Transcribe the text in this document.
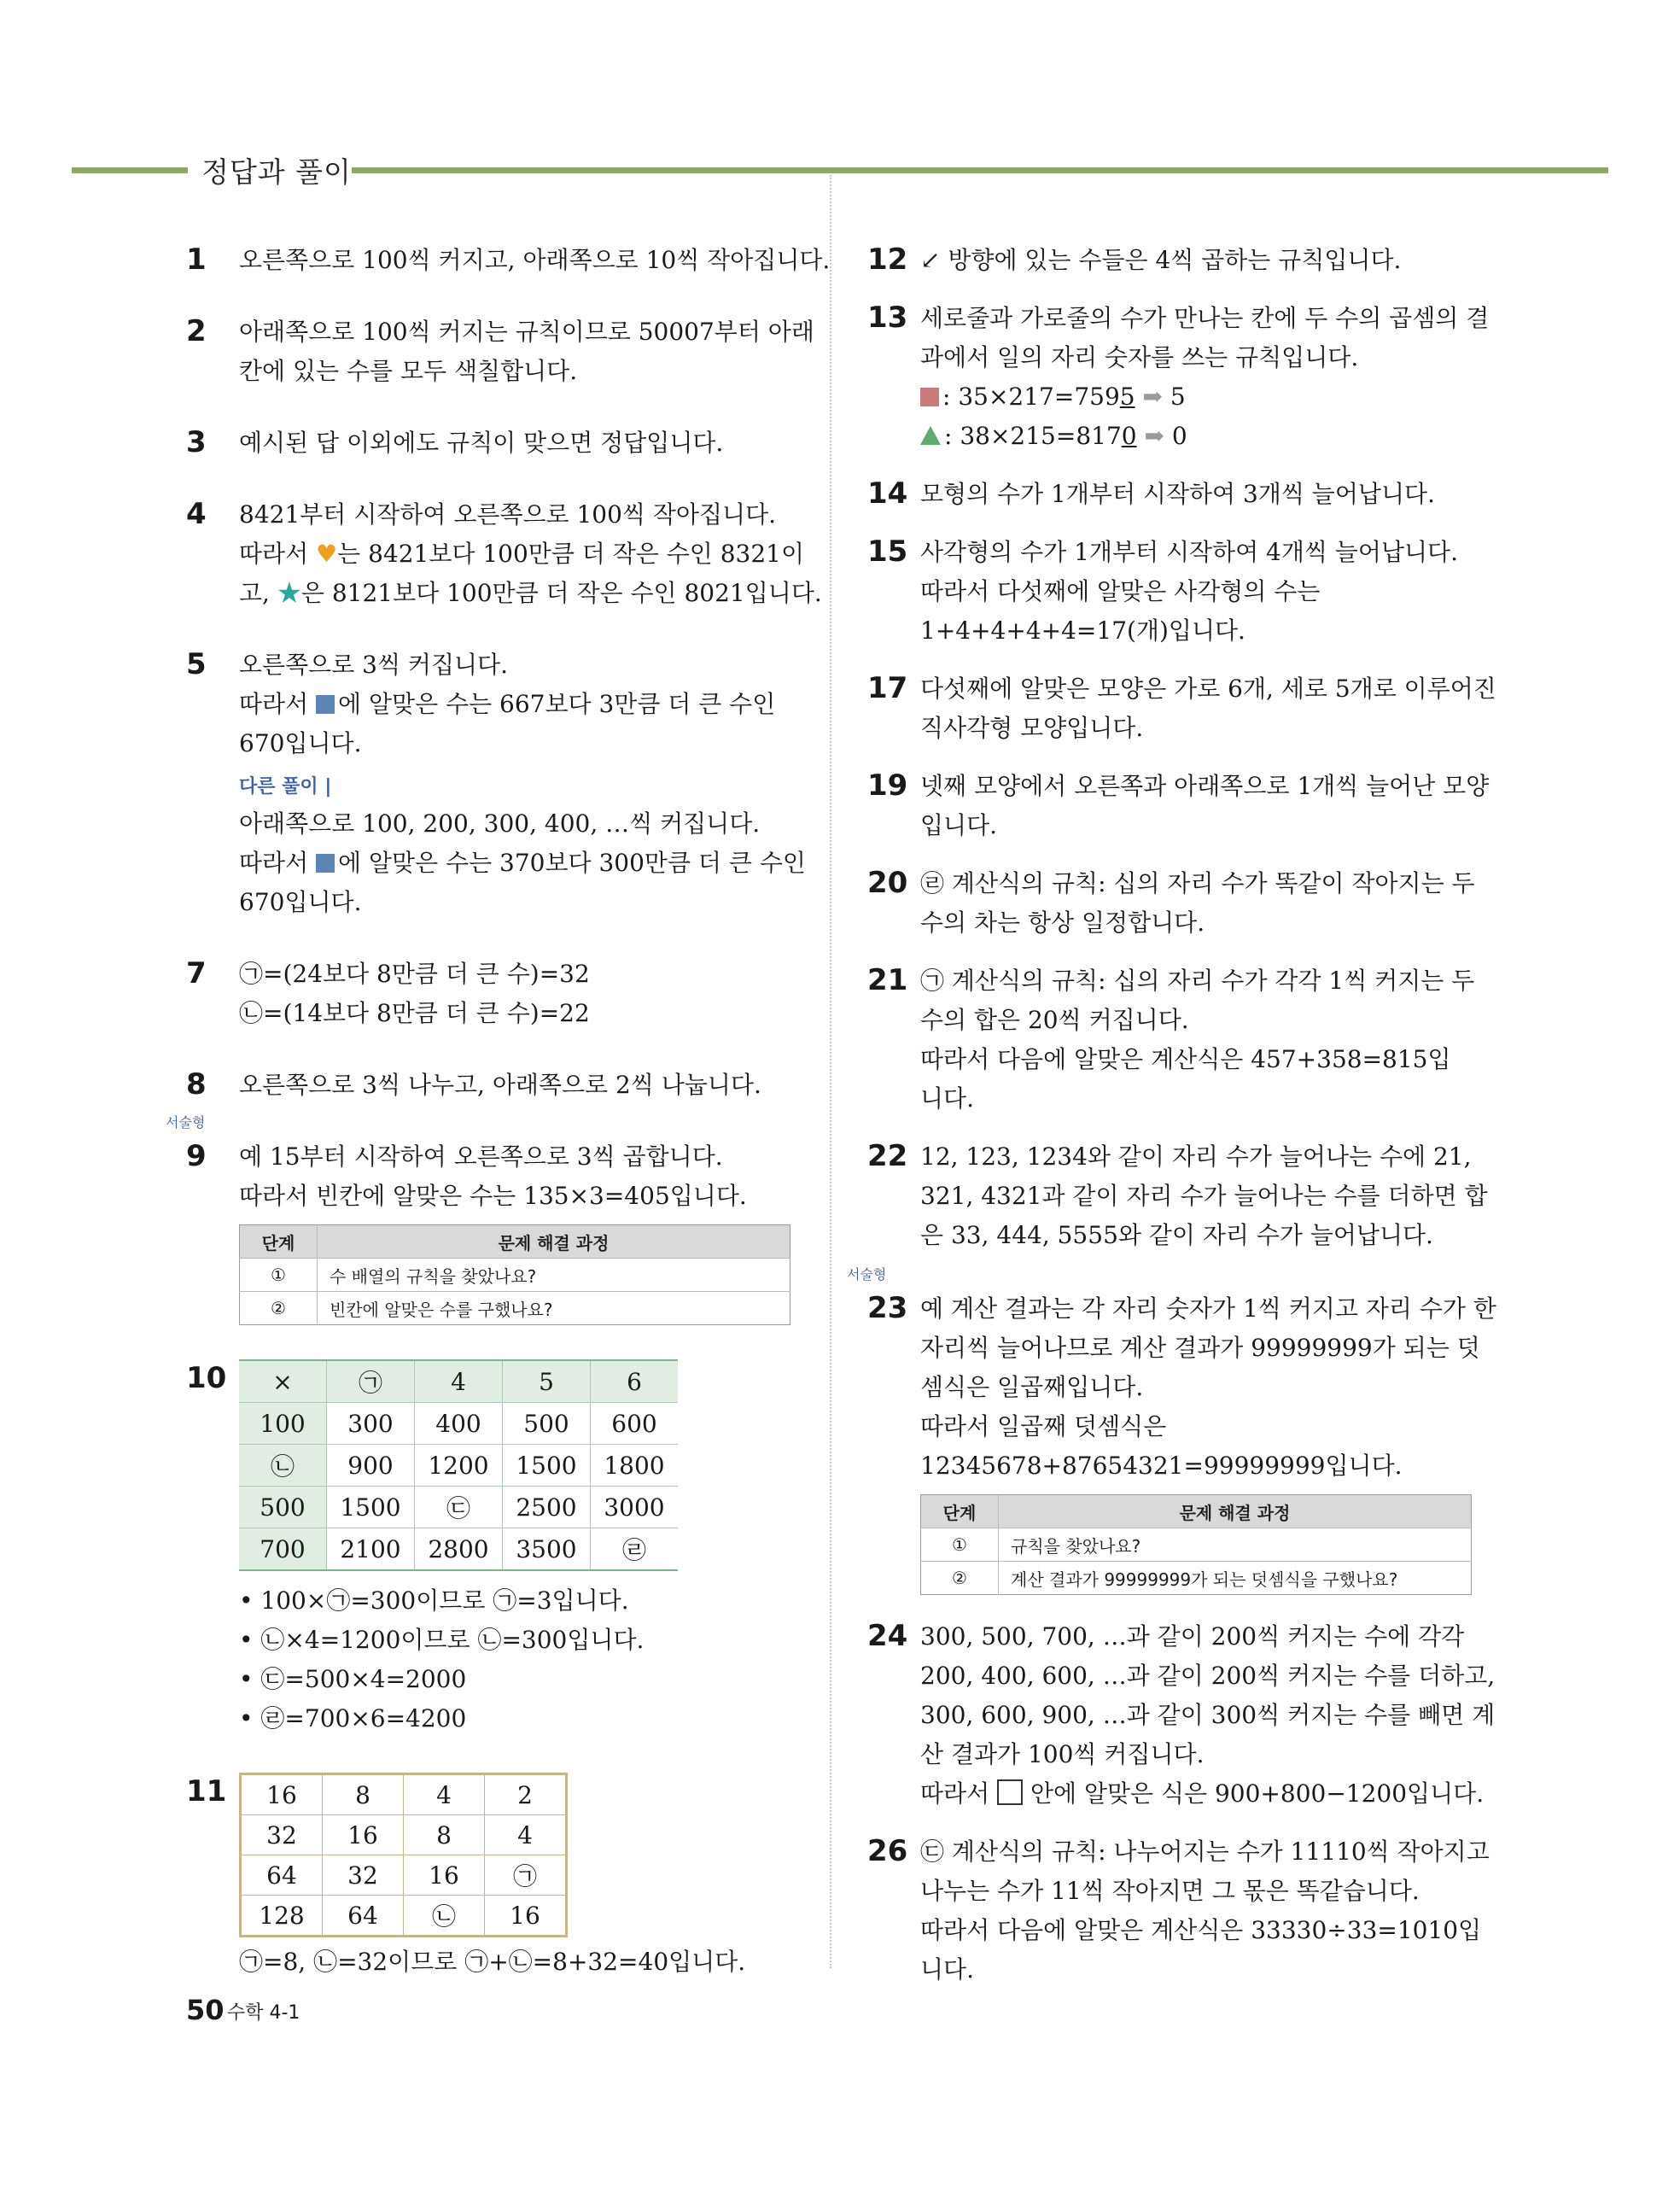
정답과 풀이
1 오른쪽으로 100씩 커지고, 아래쪽으로 10씩 작아집니다.
2 아래쪽으로 100씩 커지는 규칙이므로 50007부터 아래
칸에 있는 수를 모두 색칠합니다.
3 예시된 답 이외에도 규칙이 맞으면 정답입니다.
4 8421부터 시작하여 오른쪽으로 100씩 작아집니다.
따라서 ♥는 8421보다 100만큼 더 작은 수인 8321이
고, ★은 8121보다 100만큼 더 작은 수인 8021입니다.
5 오른쪽으로 3씩 커집니다.
따라서 에 알맞은 수는 667보다 3만큼 더 큰 수인
670입니다.
다른 풀이 |
아래쪽으로 100, 200, 300, 400, …씩 커집니다.
따라서 에 알맞은 수는 370보다 300만큼 더 큰 수인
670입니다.
7 ㉠=(24보다 8만큼 더 큰 수)=32
㉡=(14보다 8만큼 더 큰 수)=22
8 오른쪽으로 3씩 나누고, 아래쪽으로 2씩 나눕니다.
서술형
9 예 15부터 시작하여 오른쪽으로 3씩 곱합니다.
따라서 빈칸에 알맞은 수는 135×3=405입니다.
단계	문제 해결 과정
①	수 배열의 규칙을 찾았나요?
②	빈칸에 알맞은 수를 구했나요?
10 ×	㉠	4	5	6
100	300	400	500	600
㉡	900	1200	1500	1800
500	1500	㉢	2500	3000
700	2100	2800	3500	㉣
• 100×㉠=300이므로 ㉠=3입니다.
• ㉡×4=1200이므로 ㉡=300입니다.
• ㉢=500×4=2000
• ㉣=700×6=4200
11 16	8	4	2
32	16	8	4
64	32	16	㉠
128	64	㉡	16
㉠=8, ㉡=32이므로 ㉠+㉡=8+32=40입니다.
12 ↙ 방향에 있는 수들은 4씩 곱하는 규칙입니다.
13 세로줄과 가로줄의 수가 만나는 칸에 두 수의 곱셈의 결
과에서 일의 자리 숫자를 쓰는 규칙입니다.
: 35×217=7595 ➡ 5
: 38×215=8170 ➡ 0
14 모형의 수가 1개부터 시작하여 3개씩 늘어납니다.
15 사각형의 수가 1개부터 시작하여 4개씩 늘어납니다.
따라서 다섯째에 알맞은 사각형의 수는
1+4+4+4+4=17(개)입니다.
17 다섯째에 알맞은 모양은 가로 6개, 세로 5개로 이루어진
직사각형 모양입니다.
19 넷째 모양에서 오른쪽과 아래쪽으로 1개씩 늘어난 모양
입니다.
20 ㉣ 계산식의 규칙: 십의 자리 수가 똑같이 작아지는 두
수의 차는 항상 일정합니다.
21 ㉠ 계산식의 규칙: 십의 자리 수가 각각 1씩 커지는 두
수의 합은 20씩 커집니다.
따라서 다음에 알맞은 계산식은 457+358=815입
니다.
22 12, 123, 1234와 같이 자리 수가 늘어나는 수에 21,
321, 4321과 같이 자리 수가 늘어나는 수를 더하면 합
은 33, 444, 5555와 같이 자리 수가 늘어납니다.
서술형
23 예 계산 결과는 각 자리 숫자가 1씩 커지고 자리 수가 한
자리씩 늘어나므로 계산 결과가 99999999가 되는 덧
셈식은 일곱째입니다.
따라서 일곱째 덧셈식은
12345678+87654321=99999999입니다.
단계	문제 해결 과정
①	규칙을 찾았나요?
②	계산 결과가 99999999가 되는 덧셈식을 구했나요?
24 300, 500, 700, …과 같이 200씩 커지는 수에 각각
200, 400, 600, …과 같이 200씩 커지는 수를 더하고,
300, 600, 900, …과 같이 300씩 커지는 수를 빼면 계
산 결과가 100씩 커집니다.
따라서  안에 알맞은 식은 900+800−1200입니다.
26 ㉢ 계산식의 규칙: 나누어지는 수가 11110씩 작아지고
나누는 수가 11씩 작아지면 그 몫은 똑같습니다.
따라서 다음에 알맞은 계산식은 33330÷33=1010입
니다.
50 수학 4-1
